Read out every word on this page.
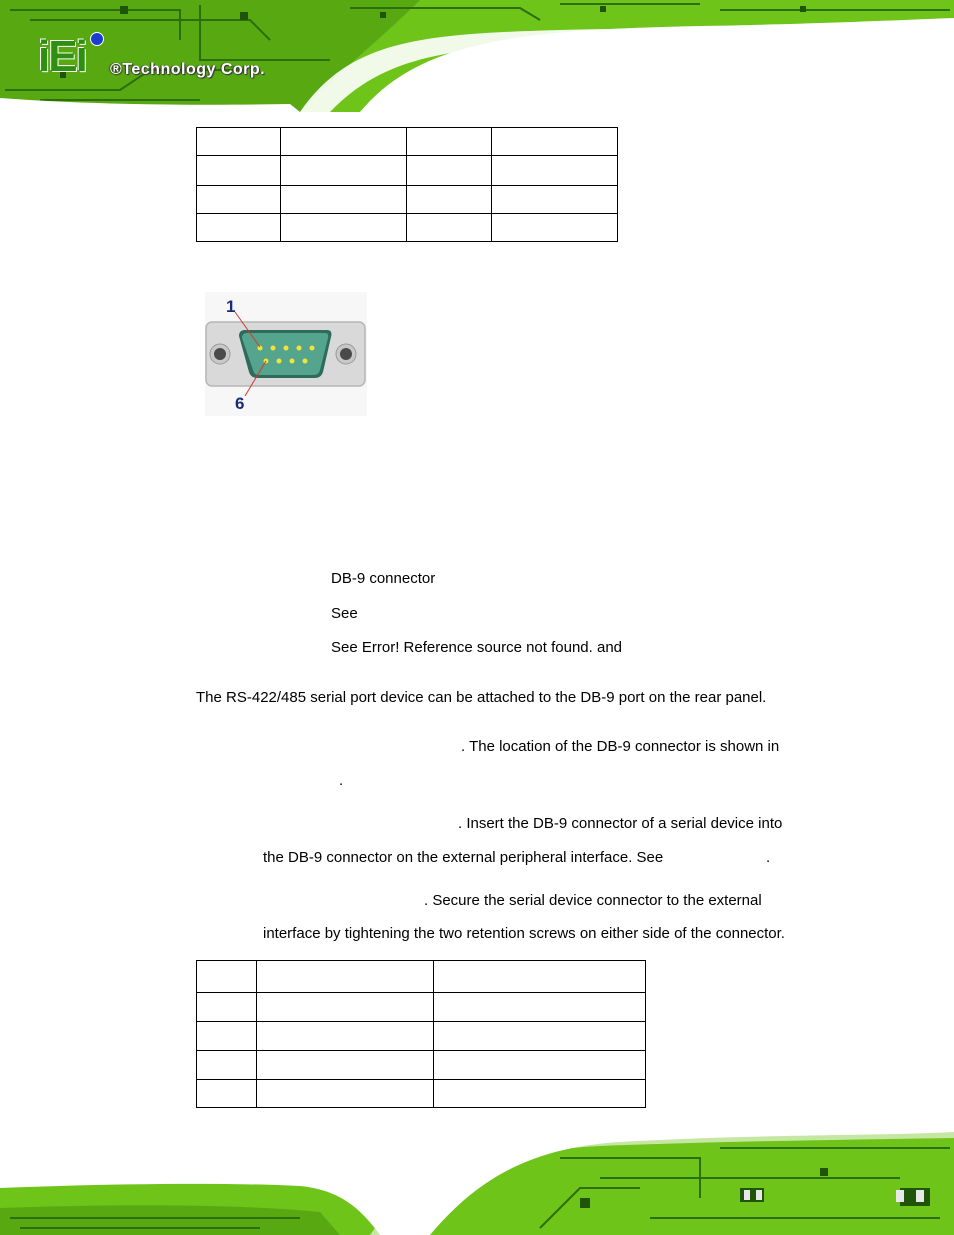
iEi ®Technology Corp.

1
6
DB-9 connector
See
See Error! Reference source not found. and
The RS-422/485 serial port device can be attached to the DB-9 port on the rear panel.
. The location of the DB-9 connector is shown in
.
. Insert the DB-9 connector of a serial device into
the DB-9 connector on the external peripheral interface. See	.
. Secure the serial device connector to the external
interface by tightening the two retention screws on either side of the connector.
